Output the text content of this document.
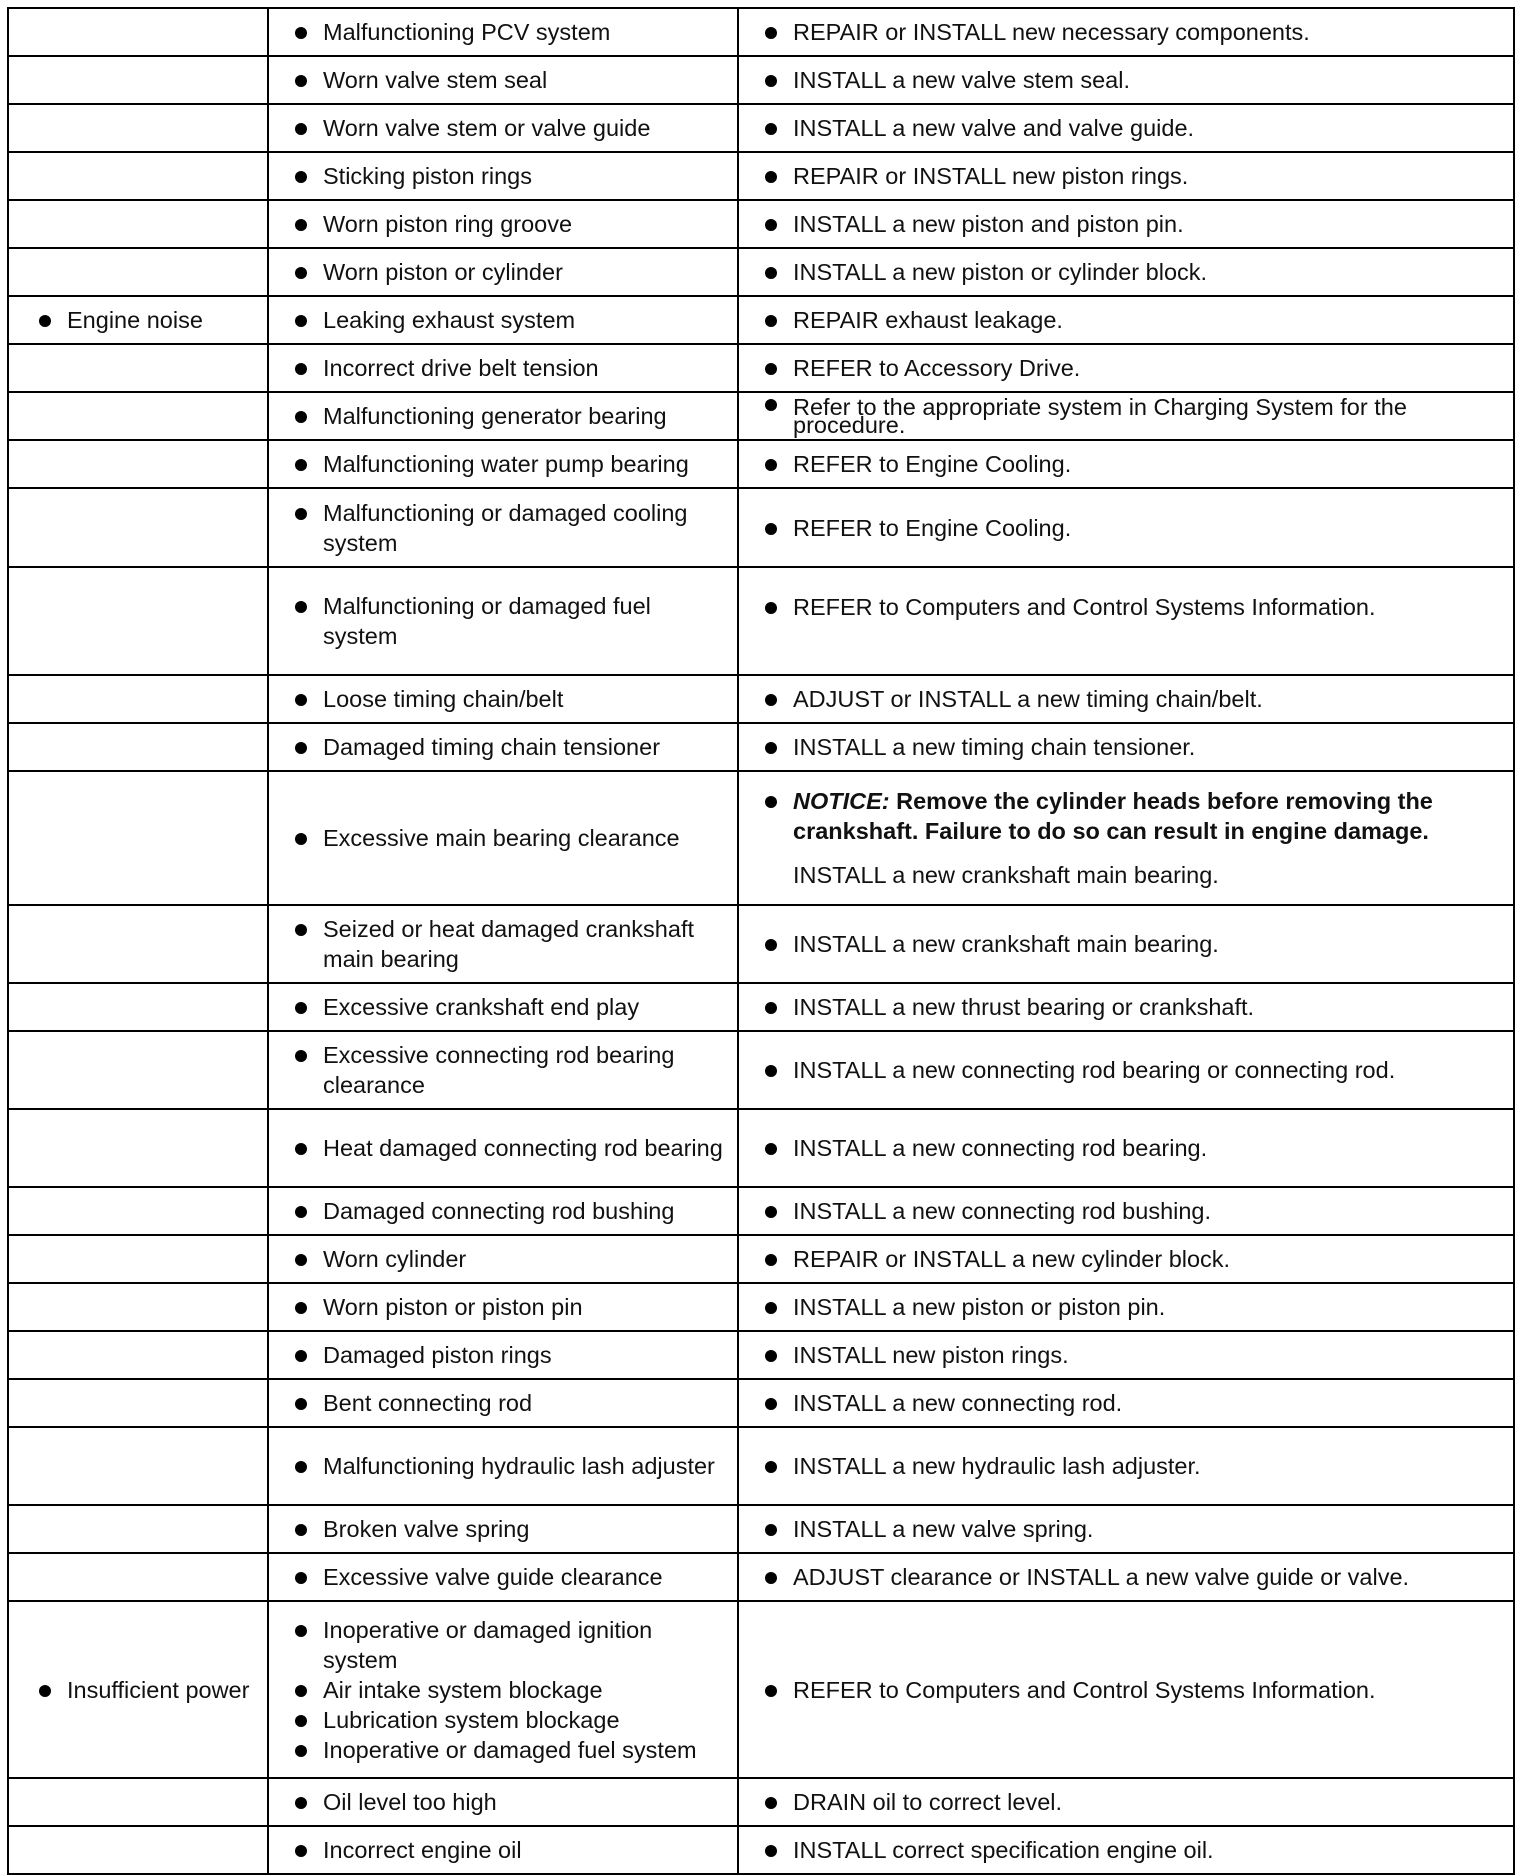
	Malfunctioning PCV system	REPAIR or INSTALL new necessary components.

	Worn valve stem seal	INSTALL a new valve stem seal.

	Worn valve stem or valve guide	INSTALL a new valve and valve guide.

	Sticking piston rings	REPAIR or INSTALL new piston rings.

	Worn piston ring groove	INSTALL a new piston and piston pin.

	Worn piston or cylinder	INSTALL a new piston or cylinder block.

Engine noise	Leaking exhaust system	REPAIR exhaust leakage.

	Incorrect drive belt tension	REFER to Accessory Drive.

	Malfunctioning generator bearing	Refer to the appropriate system in Charging System for the procedure.

	Malfunctioning water pump bearing	REFER to Engine Cooling.

	Malfunctioning or damaged cooling system	REFER to Engine Cooling.

	Malfunctioning or damaged fuel system	REFER to Computers and Control Systems Information.

	Loose timing chain/belt	ADJUST or INSTALL a new timing chain/belt.

	Damaged timing chain tensioner	INSTALL a new timing chain tensioner.

	Excessive main bearing clearance	NOTICE: Remove the cylinder heads before removing the crankshaft. Failure to do so can result in engine damage.
INSTALL a new crankshaft main bearing.

	Seized or heat damaged crankshaft main bearing	INSTALL a new crankshaft main bearing.

	Excessive crankshaft end play	INSTALL a new thrust bearing or crankshaft.

	Excessive connecting rod bearing clearance	INSTALL a new connecting rod bearing or connecting rod.

	Heat damaged connecting rod bearing	INSTALL a new connecting rod bearing.

	Damaged connecting rod bushing	INSTALL a new connecting rod bushing.

	Worn cylinder	REPAIR or INSTALL a new cylinder block.

	Worn piston or piston pin	INSTALL a new piston or piston pin.

	Damaged piston rings	INSTALL new piston rings.

	Bent connecting rod	INSTALL a new connecting rod.

	Malfunctioning hydraulic lash adjuster	INSTALL a new hydraulic lash adjuster.

	Broken valve spring	INSTALL a new valve spring.

	Excessive valve guide clearance	ADJUST clearance or INSTALL a new valve guide or valve.

Insufficient power	Inoperative or damaged ignition system
Air intake system blockage
Lubrication system blockage
Inoperative or damaged fuel system	REFER to Computers and Control Systems Information.

	Oil level too high	DRAIN oil to correct level.

	Incorrect engine oil	INSTALL correct specification engine oil.
